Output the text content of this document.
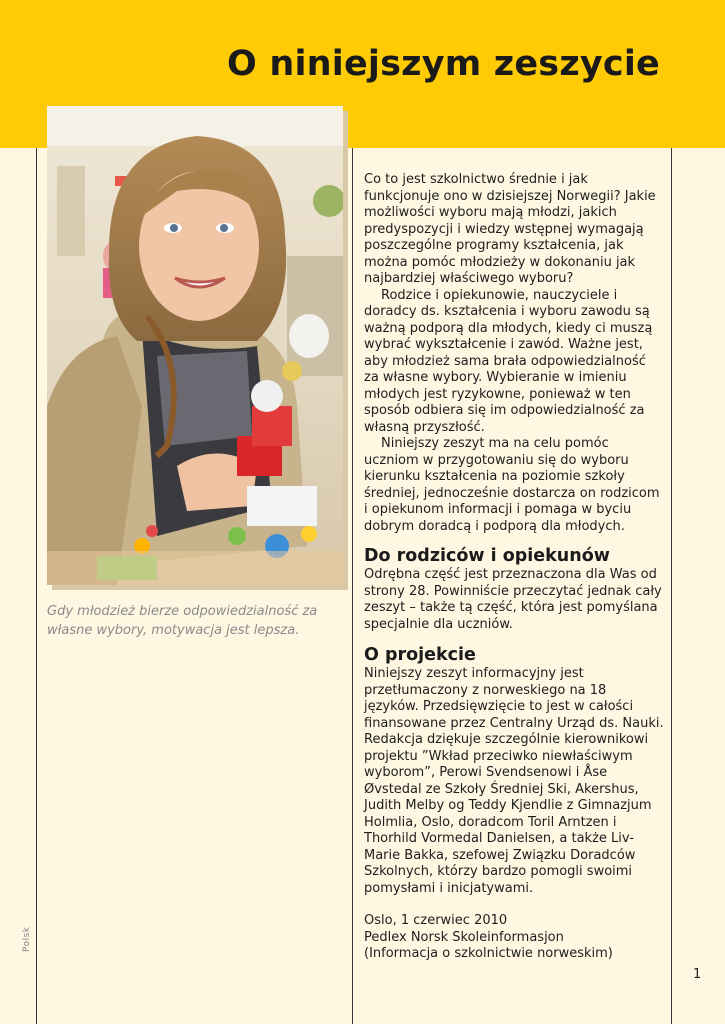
O niniejszym zeszycie

Gdy młodzież bierze odpowiedzialność za własne wybory, motywacja jest lepsza.

Polsk

Co to jest szkolnictwo średnie i jak funkcjonuje ono w dzisiejszej Norwegii? Jakie możliwości wyboru mają młodzi, jakich predyspozycji i wiedzy wstępnej wymagają poszczególne programy kształcenia, jak można pomóc młodzieży w dokonaniu jak najbardziej właściwego wyboru?

Rodzice i opiekunowie, nauczyciele i doradcy ds. kształcenia i wyboru zawodu są ważną podporą dla młodych, kiedy ci muszą wybrać wykształcenie i zawód. Ważne jest, aby młodzież sama brała odpowiedzialność za własne wybory. Wybieranie w imieniu młodych jest ryzykowne, ponieważ w ten sposób odbiera się im odpowiedzialność za własną przyszłość.

Niniejszy zeszyt ma na celu pomóc uczniom w przygotowaniu się do wyboru kierunku kształcenia na poziomie szkoły średniej, jednocześnie dostarcza on rodzicom i opiekunom informacji i pomaga w byciu dobrym doradcą i podporą dla młodych.

Do rodziców i opiekunów

Odrębna część jest przeznaczona dla Was od strony 28. Powinniście przeczytać jednak cały zeszyt – także tą część, która jest pomyślana specjalnie dla uczniów.

O projekcie

Niniejszy zeszyt informacyjny jest przetłumaczony z norweskiego na 18 języków. Przedsięwzięcie to jest w całości finansowane przez Centralny Urząd ds. Nauki. Redakcja dziękuje szczególnie kierownikowi projektu ”Wkład przeciwko niewłaściwym wyborom”, Perowi Svendsenowi i Åse Øvstedal ze Szkoły Średniej Ski, Akershus, Judith Melby og Teddy Kjendlie z Gimnazjum Holmlia, Oslo, doradcom Toril Arntzen i Thorhild Vormedal Danielsen, a także Liv-Marie Bakka, szefowej Związku Doradców Szkolnych, którzy bardzo pomogli swoimi pomysłami i inicjatywami.

Oslo, 1 czerwiec 2010

Pedlex Norsk Skoleinformasjon

(Informacja o szkolnictwie norweskim)

1
